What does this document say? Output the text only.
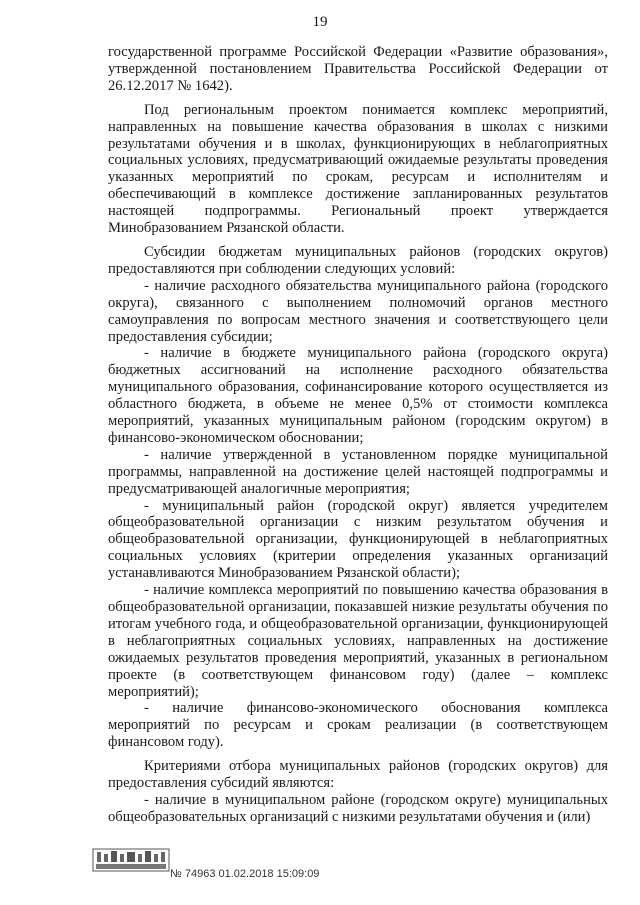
19

государственной программе Российской Федерации «Развитие образования», утвержденной постановлением Правительства Российской Федерации от 26.12.2017 № 1642).

Под региональным проектом понимается комплекс мероприятий, направленных на повышение качества образования в школах с низкими результатами обучения и в школах, функционирующих в неблагоприятных социальных условиях, предусматривающий ожидаемые результаты проведения указанных мероприятий по срокам, ресурсам и исполнителям и обеспечивающий в комплексе достижение запланированных результатов настоящей подпрограммы. Региональный проект утверждается Минобразованием Рязанской области.

Субсидии бюджетам муниципальных районов (городских округов) предоставляются при соблюдении следующих условий:

- наличие расходного обязательства муниципального района (городского округа), связанного с выполнением полномочий органов местного самоуправления по вопросам местного значения и соответствующего цели предоставления субсидии;

- наличие в бюджете муниципального района (городского округа) бюджетных ассигнований на исполнение расходного обязательства муниципального образования, софинансирование которого осуществляется из областного бюджета, в объеме не менее 0,5% от стоимости комплекса мероприятий, указанных муниципальным районом (городским округом) в финансово-экономическом обосновании;

- наличие утвержденной в установленном порядке муниципальной программы, направленной на достижение целей настоящей подпрограммы и предусматривающей аналогичные мероприятия;

- муниципальный район (городской округ) является учредителем общеобразовательной организации с низким результатом обучения и общеобразовательной организации, функционирующей в неблагоприятных социальных условиях (критерии определения указанных организаций устанавливаются Минобразованием Рязанской области);

- наличие комплекса мероприятий по повышению качества образования в общеобразовательной организации, показавшей низкие результаты обучения по итогам учебного года, и общеобразовательной организации, функционирующей в неблагоприятных социальных условиях, направленных на достижение ожидаемых результатов проведения мероприятий, указанных в региональном проекте (в соответствующем финансовом году) (далее – комплекс мероприятий);

- наличие финансово-экономического обоснования комплекса мероприятий по ресурсам и срокам реализации (в соответствующем финансовом году).

Критериями отбора муниципальных районов (городских округов) для предоставления субсидий являются:

- наличие в муниципальном районе (городском округе) муниципальных общеобразовательных организаций с низкими результатами обучения и (или)

№ 74963 01.02.2018 15:09:09
